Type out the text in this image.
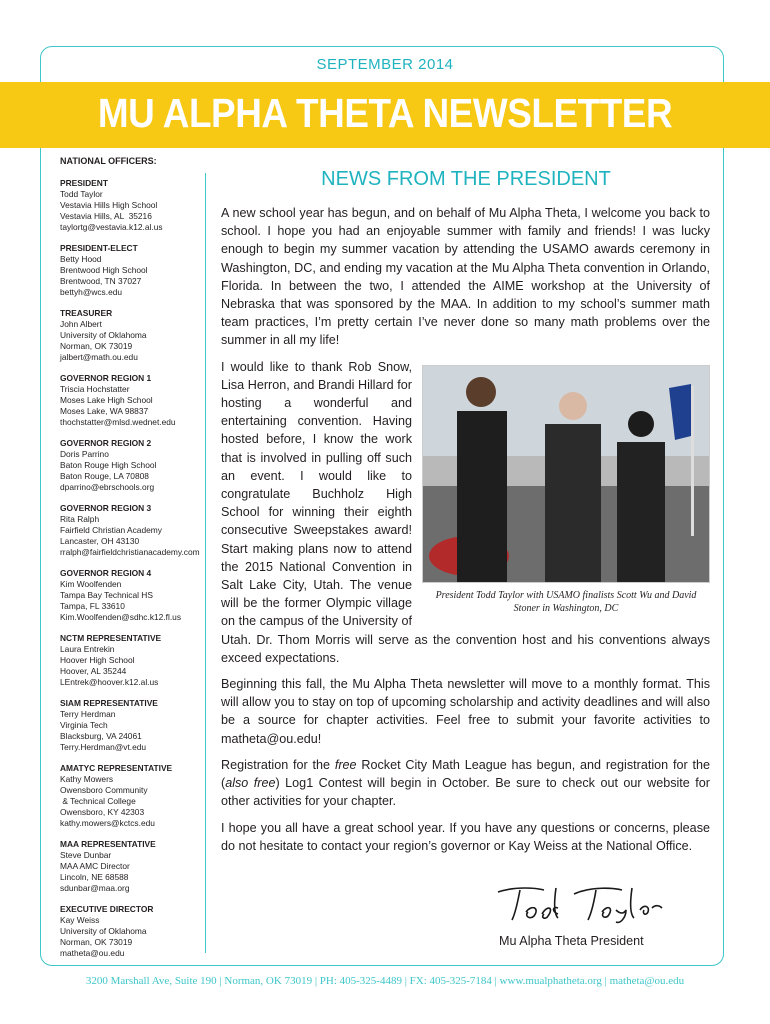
SEPTEMBER 2014
MU ALPHA THETA NEWSLETTER
NATIONAL OFFICERS:
PRESIDENT
Todd Taylor
Vestavia Hills High School
Vestavia Hills, AL  35216
taylortg@vestavia.k12.al.us
PRESIDENT-ELECT
Betty Hood
Brentwood High School
Brentwood, TN 37027
bettyh@wcs.edu
TREASURER
John Albert
University of Oklahoma
Norman, OK 73019
jalbert@math.ou.edu
GOVERNOR REGION 1
Triscia Hochstatter
Moses Lake High School
Moses Lake, WA 98837
thochstatter@mlsd.wednet.edu
GOVERNOR REGION 2
Doris Parrino
Baton Rouge High School
Baton Rouge, LA 70808
dparrino@ebrschools.org
GOVERNOR REGION 3
Rita Ralph
Fairfield Christian Academy
Lancaster, OH 43130
rralph@fairfieldchristianacademy.com
GOVERNOR REGION 4
Kim Woolfenden
Tampa Bay Technical HS
Tampa, FL 33610
Kim.Woolfenden@sdhc.k12.fl.us
NCTM REPRESENTATIVE
Laura Entrekin
Hoover High School
Hoover, AL 35244
LEntrek@hoover.k12.al.us
SIAM REPRESENTATIVE
Terry Herdman
Virginia Tech
Blacksburg, VA 24061
Terry.Herdman@vt.edu
AMATYC REPRESENTATIVE
Kathy Mowers
Owensboro Community
& Technical College
Owensboro, KY 42303
kathy.mowers@kctcs.edu
MAA REPRESENTATIVE
Steve Dunbar
MAA AMC Director
Lincoln, NE 68588
sdunbar@maa.org
EXECUTIVE DIRECTOR
Kay Weiss
University of Oklahoma
Norman, OK 73019
matheta@ou.edu
NEWS FROM THE PRESIDENT

A new school year has begun, and on behalf of Mu Alpha Theta, I welcome you back to school. I hope you had an enjoyable summer with family and friends! I was lucky enough to begin my summer vacation by attending the USAMO awards ceremony in Washington, DC, and ending my vacation at the Mu Alpha Theta convention in Orlando, Florida. In between the two, I attended the AIME workshop at the University of Nebraska that was sponsored by the MAA. In addition to my school’s summer math team practices, I’m pretty certain I’ve never done so many math problems over the summer in all my life!

President Todd Taylor with USAMO finalists Scott Wu and David Stoner in Washington, DC
I would like to thank Rob Snow, Lisa Herron, and Brandi Hillard for hosting a wonderful and entertaining convention. Having hosted before, I know the work that is involved in pulling off such an event. I would like to congratulate Buchholz High School for winning their eighth consecutive Sweepstakes award! Start making plans now to attend the 2015 National Convention in Salt Lake City, Utah. The venue will be the former Olympic village on the campus of the University of Utah. Dr. Thom Morris will serve as the convention host and his conventions always exceed expectations.

Beginning this fall, the Mu Alpha Theta newsletter will move to a monthly format. This will allow you to stay on top of upcoming scholarship and activity deadlines and will also be a source for chapter activities. Feel free to submit your favorite activities to matheta@ou.edu!

Registration for the free Rocket City Math League has begun, and registration for the (also free) Log1 Contest will begin in October. Be sure to check out our website for other activities for your chapter.

I hope you all have a great school year. If you have any questions or concerns, please do not hesitate to contact your region’s governor or Kay Weiss at the National Office.

Mu Alpha Theta President
3200 Marshall Ave, Suite 190 | Norman, OK 73019 | PH: 405-325-4489 | FX: 405-325-7184 | www.mualphatheta.org | matheta@ou.edu
